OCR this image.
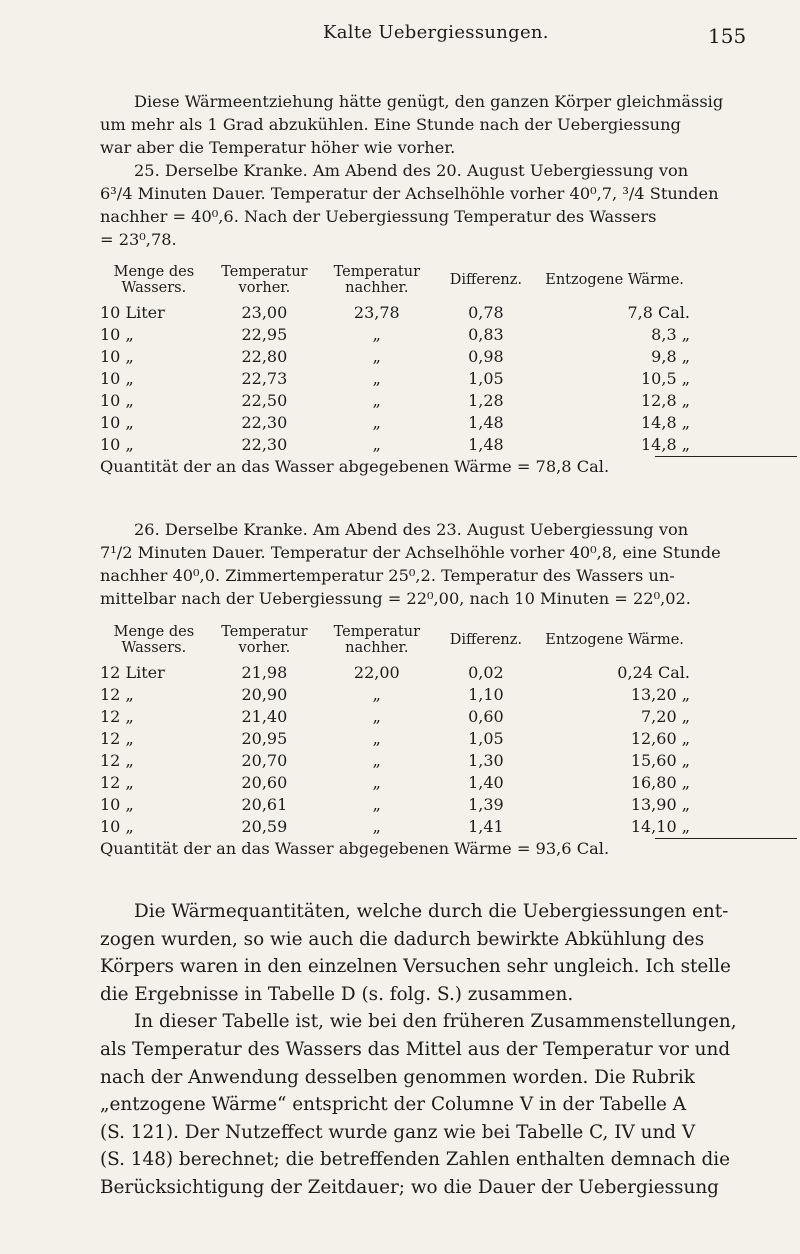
Kalte Uebergiessungen.	155
Diese Wärmeentziehung hätte genügt, den ganzen Körper gleichmässig
um mehr als 1 Grad abzukühlen. Eine Stunde nach der Uebergiessung
war aber die Temperatur höher wie vorher.
25. Derselbe Kranke. Am Abend des 20. August Uebergiessung von
6³/4 Minuten Dauer. Temperatur der Achselhöhle vorher 40⁰,7, ³/4 Stunden
nachher = 40⁰,6. Nach der Uebergiessung Temperatur des Wassers
= 23⁰,78.
Menge des Wassers.	Temperatur vorher.	Temperatur nachher.	Differenz.	Entzogene Wärme.
10 Liter	23,00	23,78	0,78	7,8 Cal.
10 „	22,95	„	0,83	8,3 „
10 „	22,80	„	0,98	9,8 „
10 „	22,73	„	1,05	10,5 „
10 „	22,50	„	1,28	12,8 „
10 „	22,30	„	1,48	14,8 „
10 „	22,30	„	1,48	14,8 „

Quantität der an das Wasser abgegebenen Wärme = 78,8 Cal.				
26. Derselbe Kranke. Am Abend des 23. August Uebergiessung von
7¹/2 Minuten Dauer. Temperatur der Achselhöhle vorher 40⁰,8, eine Stunde
nachher 40⁰,0. Zimmertemperatur 25⁰,2. Temperatur des Wassers un-
mittelbar nach der Uebergiessung = 22⁰,00, nach 10 Minuten = 22⁰,02.
Menge des Wassers.	Temperatur vorher.	Temperatur nachher.	Differenz.	Entzogene Wärme.
12 Liter	21,98	22,00	0,02	0,24 Cal.
12 „	20,90	„	1,10	13,20 „
12 „	21,40	„	0,60	7,20 „
12 „	20,95	„	1,05	12,60 „
12 „	20,70	„	1,30	15,60 „
12 „	20,60	„	1,40	16,80 „
10 „	20,61	„	1,39	13,90 „
10 „	20,59	„	1,41	14,10 „

Quantität der an das Wasser abgegebenen Wärme = 93,6 Cal.				
Die Wärmequantitäten, welche durch die Uebergiessungen ent-
zogen wurden, so wie auch die dadurch bewirkte Abkühlung des
Körpers waren in den einzelnen Versuchen sehr ungleich. Ich stelle
die Ergebnisse in Tabelle D (s. folg. S.) zusammen.
In dieser Tabelle ist, wie bei den früheren Zusammenstellungen,
als Temperatur des Wassers das Mittel aus der Temperatur vor und
nach der Anwendung desselben genommen worden. Die Rubrik
„entzogene Wärme“ entspricht der Columne V in der Tabelle A
(S. 121). Der Nutzeffect wurde ganz wie bei Tabelle C, IV und V
(S. 148) berechnet; die betreffenden Zahlen enthalten demnach die
Berücksichtigung der Zeitdauer; wo die Dauer der Uebergiessung
